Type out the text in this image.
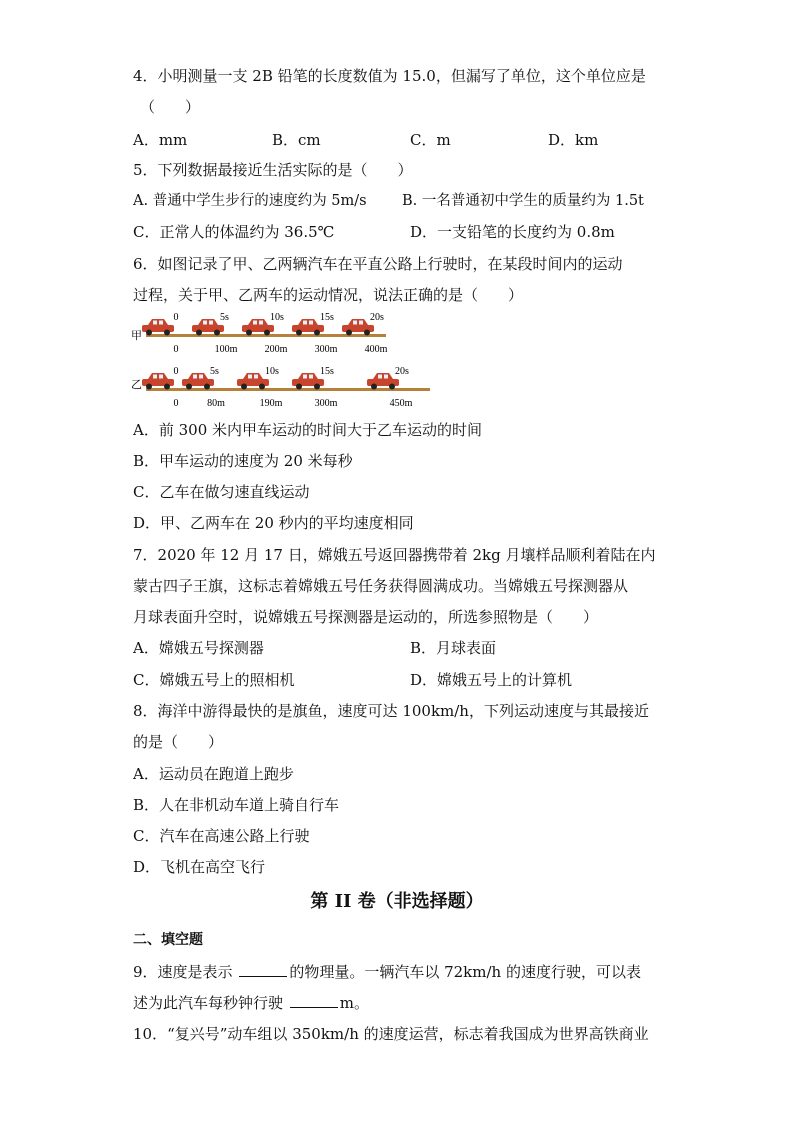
4．小明测量一支 2B 铅笔的长度数值为 15.0，但漏写了单位，这个单位应是
（　　）
A．mm	B．cm	C．m	D．km
5．下列数据最接近生活实际的是（　　）
A. 普通中学生步行的速度约为 5m/s B. 一名普通初中学生的质量约为 1.5t
C．正常人的体温约为 36.5℃	D．一支铅笔的长度约为 0.8m
6．如图记录了甲、乙两辆汽车在平直公路上行驶时，在某段时间内的运动
过程，关于甲、乙两车的运动情况，说法正确的是（　　）
甲
乙
0
0
5s
100m
10s
200m
15s
300m
20s
400m
0
0
5s
80m
10s
190m
15s
300m
20s
450m
A．前 300 米内甲车运动的时间大于乙车运动的时间
B．甲车运动的速度为 20 米每秒
C．乙车在做匀速直线运动
D．甲、乙两车在 20 秒内的平均速度相同
7．2020 年 12 月 17 日，嫦娥五号返回器携带着 2kg 月壤样品顺利着陆在内
蒙古四子王旗，这标志着嫦娥五号任务获得圆满成功。当嫦娥五号探测器从
月球表面升空时，说嫦娥五号探测器是运动的，所选参照物是（　　）
A．嫦娥五号探测器	B．月球表面
C．嫦娥五号上的照相机	D．嫦娥五号上的计算机
8．海洋中游得最快的是旗鱼，速度可达 100km/h，下列运动速度与其最接近
的是（　　）
A．运动员在跑道上跑步
B．人在非机动车道上骑自行车
C．汽车在高速公路上行驶
D．飞机在高空飞行
第 II 卷（非选择题）
二、填空题
9．速度是表示	的物理量。一辆汽车以 72km/h 的速度行驶，可以表
述为此汽车每秒钟行驶	m。
10．“复兴号”动车组以 350km/h 的速度运营，标志着我国成为世界高铁商业
